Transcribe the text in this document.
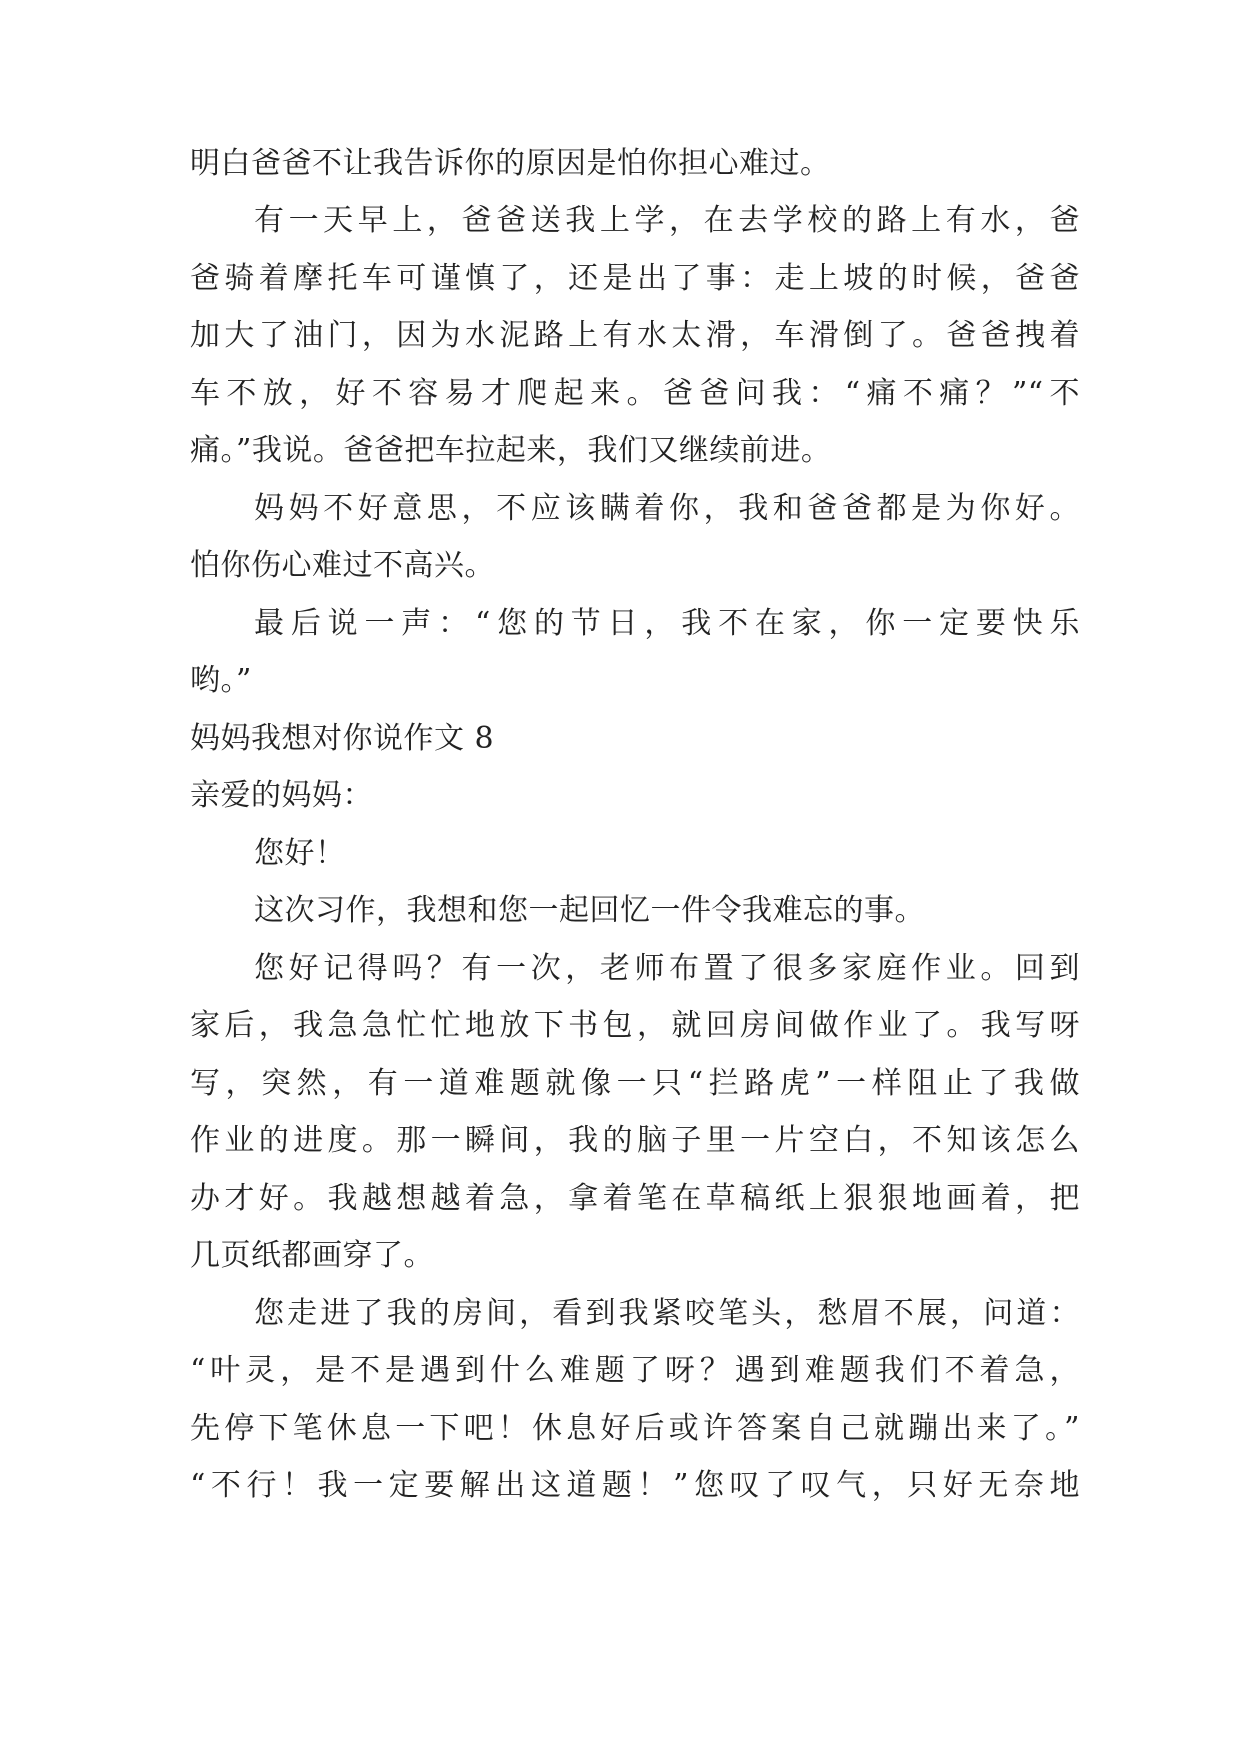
明白爸爸不让我告诉你的原因是怕你担心难过。
有一天早上，爸爸送我上学，在去学校的路上有水，爸
爸骑着摩托车可谨慎了，还是出了事：走上坡的时候，爸爸
加大了油门，因为水泥路上有水太滑，车滑倒了。爸爸拽着
车不放，好不容易才爬起来。爸爸问我：“痛不痛？”“不
痛。”我说。爸爸把车拉起来，我们又继续前进。
妈妈不好意思，不应该瞒着你，我和爸爸都是为你好。
怕你伤心难过不高兴。
最后说一声：“您的节日，我不在家，你一定要快乐
哟。”
妈妈我想对你说作文 8
亲爱的妈妈：
您好！
这次习作，我想和您一起回忆一件令我难忘的事。
您好记得吗？有一次，老师布置了很多家庭作业。回到
家后，我急急忙忙地放下书包，就回房间做作业了。我写呀
写，突然，有一道难题就像一只“拦路虎”一样阻止了我做
作业的进度。那一瞬间，我的脑子里一片空白，不知该怎么
办才好。我越想越着急，拿着笔在草稿纸上狠狠地画着，把
几页纸都画穿了。
您走进了我的房间，看到我紧咬笔头，愁眉不展，问道：
“叶灵，是不是遇到什么难题了呀？遇到难题我们不着急，
先停下笔休息一下吧！休息好后或许答案自己就蹦出来了。”
“不行！我一定要解出这道题！”您叹了叹气，只好无奈地
